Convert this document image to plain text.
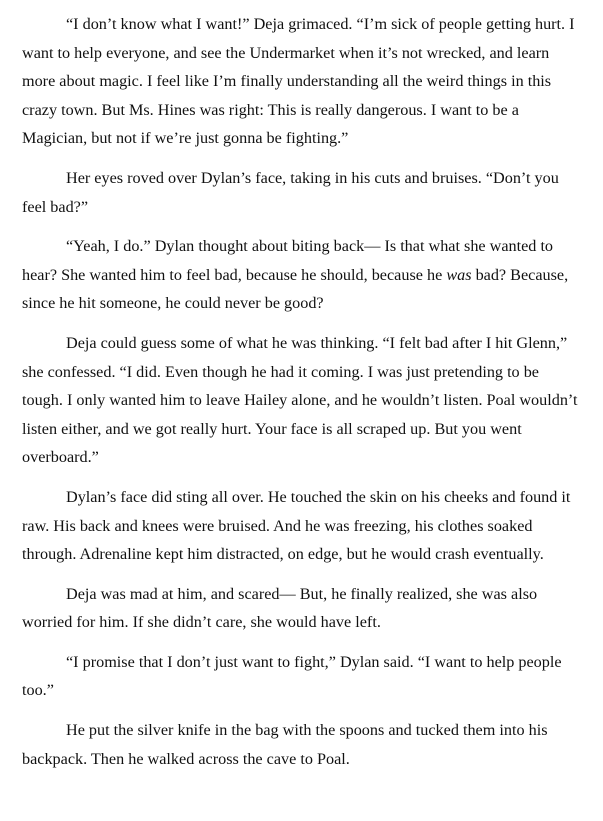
“I don’t know what I want!” Deja grimaced. “I’m sick of people getting hurt. I want to help everyone, and see the Undermarket when it’s not wrecked, and learn more about magic. I feel like I’m finally understanding all the weird things in this crazy town. But Ms. Hines was right: This is really dangerous. I want to be a Magician, but not if we’re just gonna be fighting.”

Her eyes roved over Dylan’s face, taking in his cuts and bruises. “Don’t you feel bad?”

“Yeah, I do.” Dylan thought about biting back— Is that what she wanted to hear? She wanted him to feel bad, because he should, because he was bad? Because, since he hit someone, he could never be good?

Deja could guess some of what he was thinking. “I felt bad after I hit Glenn,” she confessed. “I did. Even though he had it coming. I was just pretending to be tough. I only wanted him to leave Hailey alone, and he wouldn’t listen. Poal wouldn’t listen either, and we got really hurt. Your face is all scraped up. But you went overboard.”

Dylan’s face did sting all over. He touched the skin on his cheeks and found it raw. His back and knees were bruised. And he was freezing, his clothes soaked through. Adrenaline kept him distracted, on edge, but he would crash eventually.

Deja was mad at him, and scared— But, he finally realized, she was also worried for him. If she didn’t care, she would have left.

“I promise that I don’t just want to fight,” Dylan said. “I want to help people too.”

He put the silver knife in the bag with the spoons and tucked them into his backpack. Then he walked across the cave to Poal.
